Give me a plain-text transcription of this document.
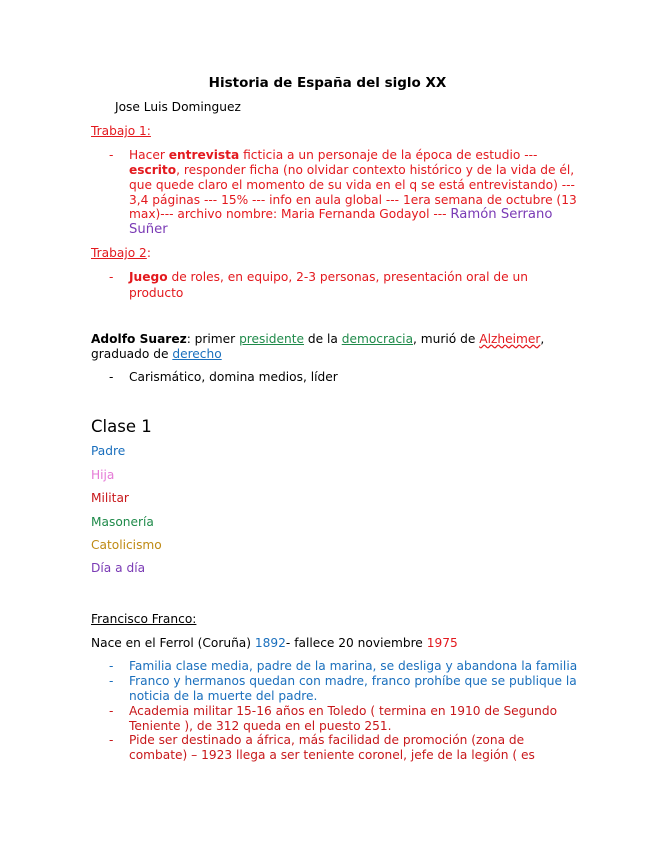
Historia de España del siglo XX
Jose Luis Dominguez
Trabajo 1:
- Hacer entrevista ficticia a un personaje de la época de estudio ---
escrito, responder ficha (no olvidar contexto histórico y de la vida de él,
que quede claro el momento de su vida en el q se está entrevistando) ---
3,4 páginas --- 15% --- info en aula global --- 1era semana de octubre (13
max)--- archivo nombre: Maria Fernanda Godayol --- Ramón Serrano
Suñer
Trabajo 2:
- Juego de roles, en equipo, 2-3 personas, presentación oral de un
producto
Adolfo Suarez: primer presidente de la democracia, murió de Alzheimer,
graduado de derecho
- Carismático, domina medios, líder
Clase 1
Padre
Hija
Militar
Masonería
Catolicismo
Día a día
Francisco Franco:
Nace en el Ferrol (Coruña) 1892- fallece 20 noviembre 1975
- Familia clase media, padre de la marina, se desliga y abandona la familia
- Franco y hermanos quedan con madre, franco prohíbe que se publique la
noticia de la muerte del padre.
- Academia militar 15-16 años en Toledo ( termina en 1910 de Segundo
Teniente ), de 312 queda en el puesto 251.
- Pide ser destinado a áfrica, más facilidad de promoción (zona de
combate) – 1923 llega a ser teniente coronel, jefe de la legión ( es
